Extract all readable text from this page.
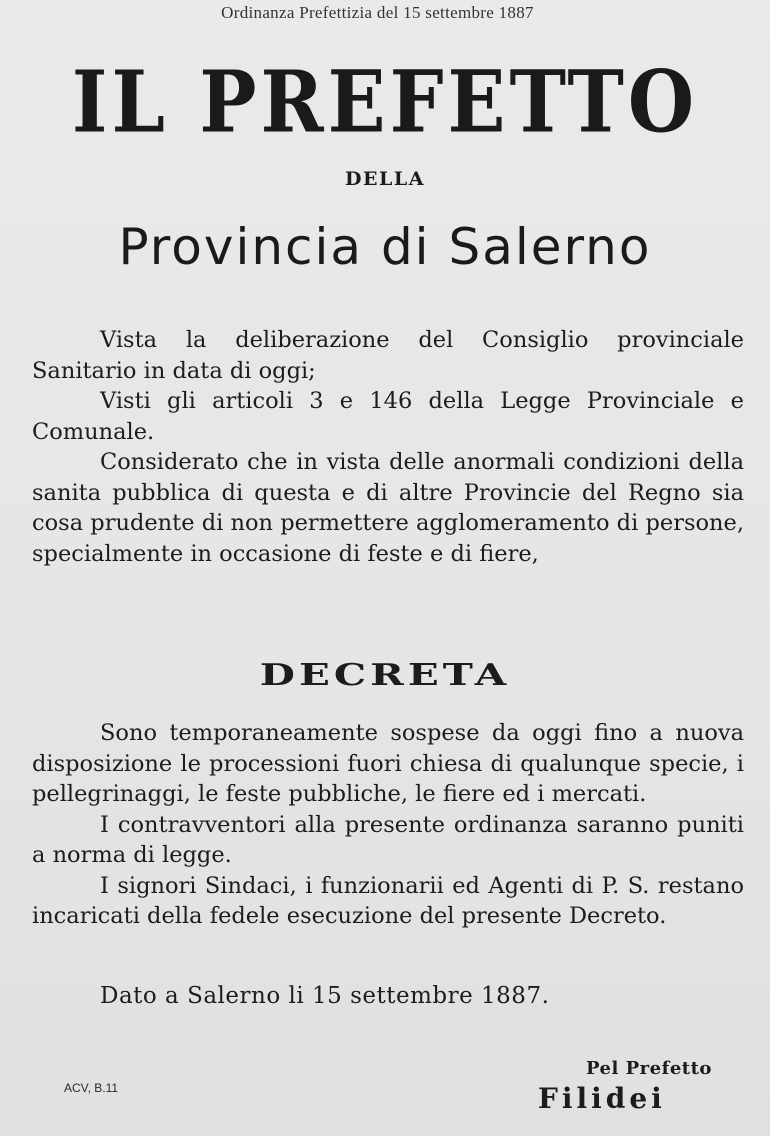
Ordinanza Prefettizia del 15 settembre 1887
IL PREFETTO
DELLA
Provincia di Salerno

Vista la deliberazione del Consiglio provinciale Sanitario in data di oggi;

Visti gli articoli 3 e 146 della Legge Provinciale e Comunale.

Considerato che in vista delle anormali condizioni della sanita pubblica di questa e di altre Provincie del Regno sia cosa prudente di non permettere agglomeramento di persone, specialmente in occasione di feste e di fiere,

DECRETA

Sono temporaneamente sospese da oggi fino a nuova disposizione le processioni fuori chiesa di qualunque specie, i pellegrinaggi, le feste pubbliche, le fiere ed i mercati.

I contravventori alla presente ordinanza saranno puniti a norma di legge.

I signori Sindaci, i funzionarii ed Agenti di P. S. restano incaricati della fedele esecuzione del presente Decreto.

Dato a Salerno li 15 settembre 1887.
ACV, B.11
Pel Prefetto
Filidei
